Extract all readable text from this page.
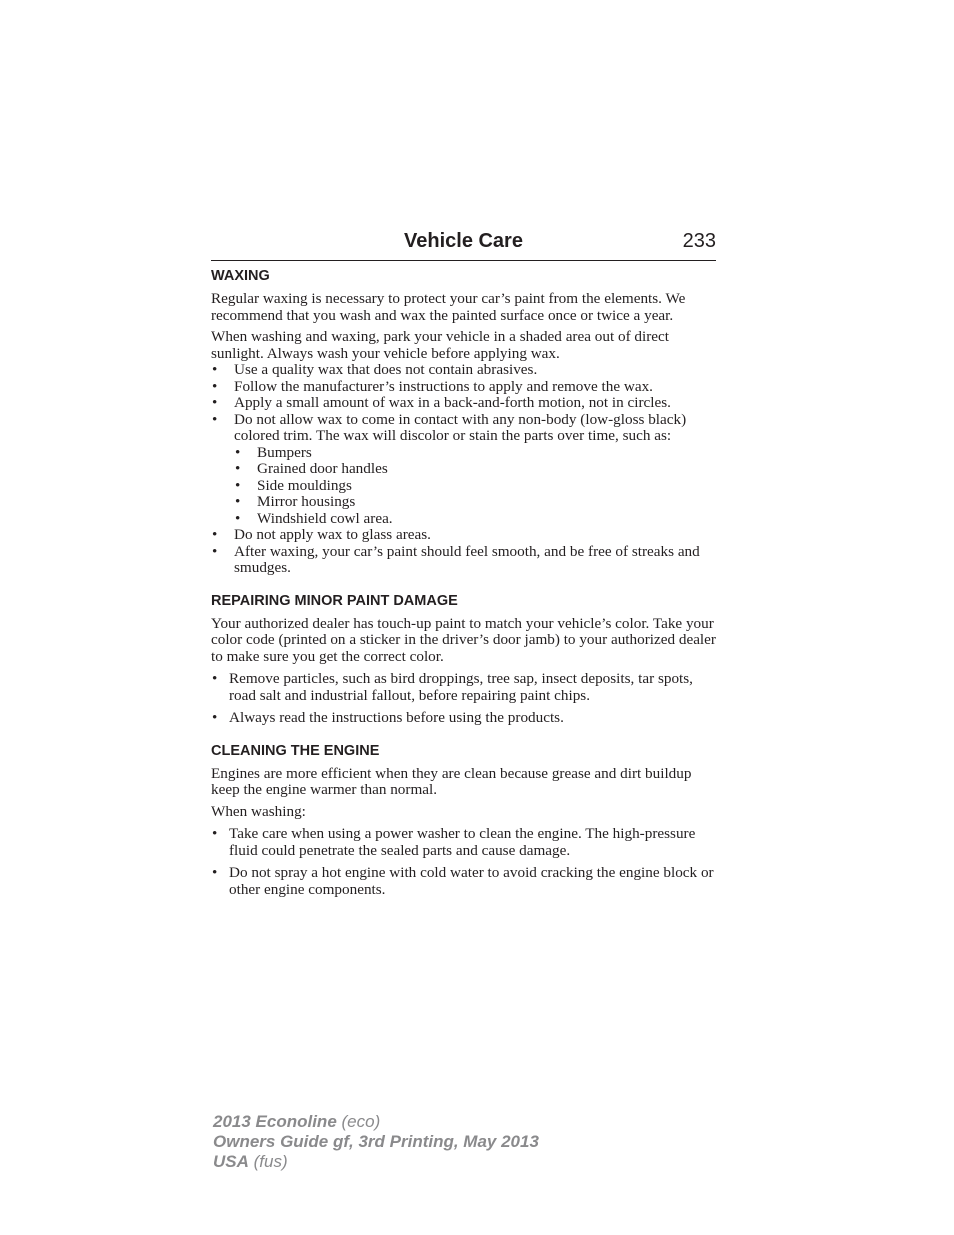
Vehicle Care	233
WAXING

Regular waxing is necessary to protect your car’s paint from the elements. We recommend that you wash and wax the painted surface once or twice a year.

When washing and waxing, park your vehicle in a shaded area out of direct sunlight. Always wash your vehicle before applying wax.

• Use a quality wax that does not contain abrasives.
• Follow the manufacturer’s instructions to apply and remove the wax.
• Apply a small amount of wax in a back-and-forth motion, not in circles.
• Do not allow wax to come in contact with any non-body (low-gloss black) colored trim. The wax will discolor or stain the parts over time, such as:
• Bumpers
• Grained door handles
• Side mouldings
• Mirror housings
• Windshield cowl area.
• Do not apply wax to glass areas.
• After waxing, your car’s paint should feel smooth, and be free of streaks and smudges.
REPAIRING MINOR PAINT DAMAGE

Your authorized dealer has touch-up paint to match your vehicle’s color. Take your color code (printed on a sticker in the driver’s door jamb) to your authorized dealer to make sure you get the correct color.

• Remove particles, such as bird droppings, tree sap, insect deposits, tar spots, road salt and industrial fallout, before repairing paint chips.
• Always read the instructions before using the products.
CLEANING THE ENGINE

Engines are more efficient when they are clean because grease and dirt buildup keep the engine warmer than normal.

When washing:

• Take care when using a power washer to clean the engine. The high-pressure fluid could penetrate the sealed parts and cause damage.
• Do not spray a hot engine with cold water to avoid cracking the engine block or other engine components.
2013 Econoline (eco)
Owners Guide gf, 3rd Printing, May 2013
USA (fus)
